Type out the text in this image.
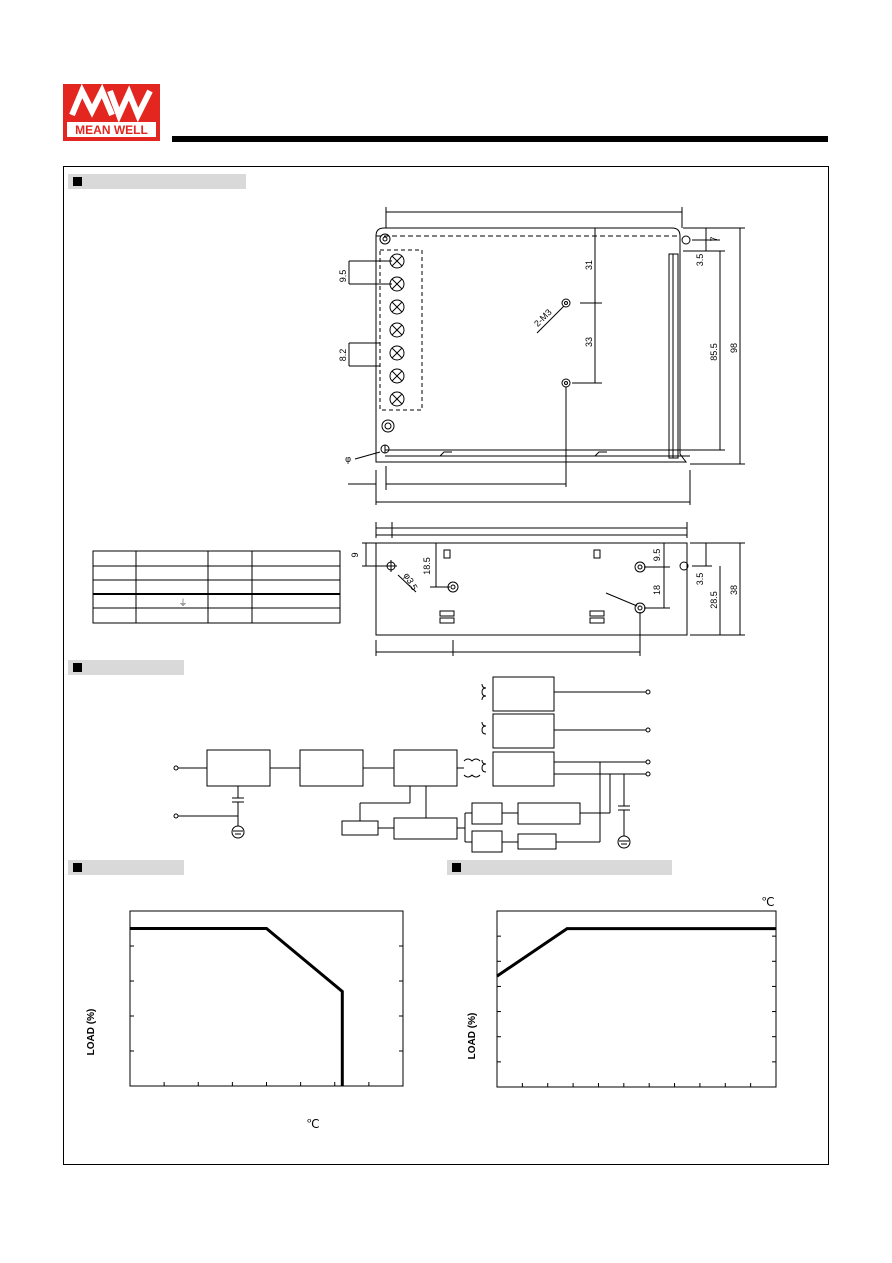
MEAN WELL
9.5
8.2
31
2-M3
33
3.5
7
85.5 98
9
18.5
φ3.5
9.5
18
3.5
28.5
38
φ
⏚
LOAD (%)
℃
LOAD (%)
℃
